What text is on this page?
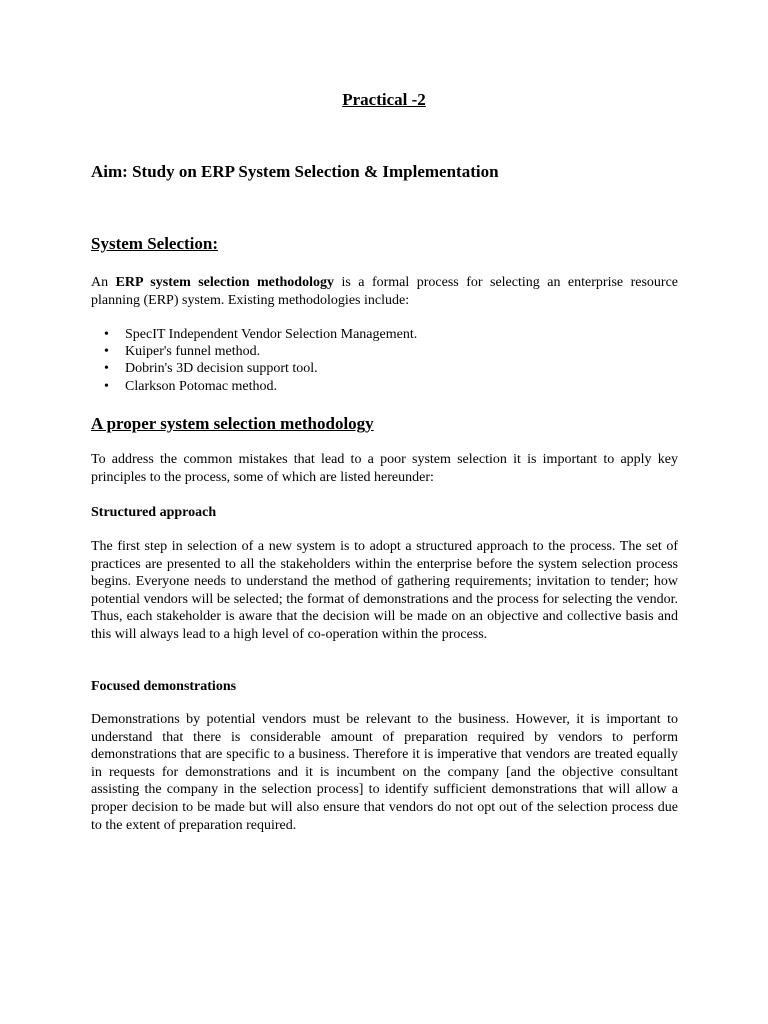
Practical -2
Aim: Study on ERP System Selection & Implementation
System Selection:
An ERP system selection methodology is a formal process for selecting an enterprise resource planning (ERP) system. Existing methodologies include:
• SpecIT Independent Vendor Selection Management.
• Kuiper's funnel method.
• Dobrin's 3D decision support tool.
• Clarkson Potomac method.
A proper system selection methodology
To address the common mistakes that lead to a poor system selection it is important to apply key principles to the process, some of which are listed hereunder:
Structured approach
The first step in selection of a new system is to adopt a structured approach to the process. The set of practices are presented to all the stakeholders within the enterprise before the system selection process begins. Everyone needs to understand the method of gathering requirements; invitation to tender; how potential vendors will be selected; the format of demonstrations and the process for selecting the vendor. Thus, each stakeholder is aware that the decision will be made on an objective and collective basis and this will always lead to a high level of co-operation within the process.
Focused demonstrations
Demonstrations by potential vendors must be relevant to the business. However, it is important to understand that there is considerable amount of preparation required by vendors to perform demonstrations that are specific to a business. Therefore it is imperative that vendors are treated equally in requests for demonstrations and it is incumbent on the company [and the objective consultant assisting the company in the selection process] to identify sufficient demonstrations that will allow a proper decision to be made but will also ensure that vendors do not opt out of the selection process due to the extent of preparation required.
